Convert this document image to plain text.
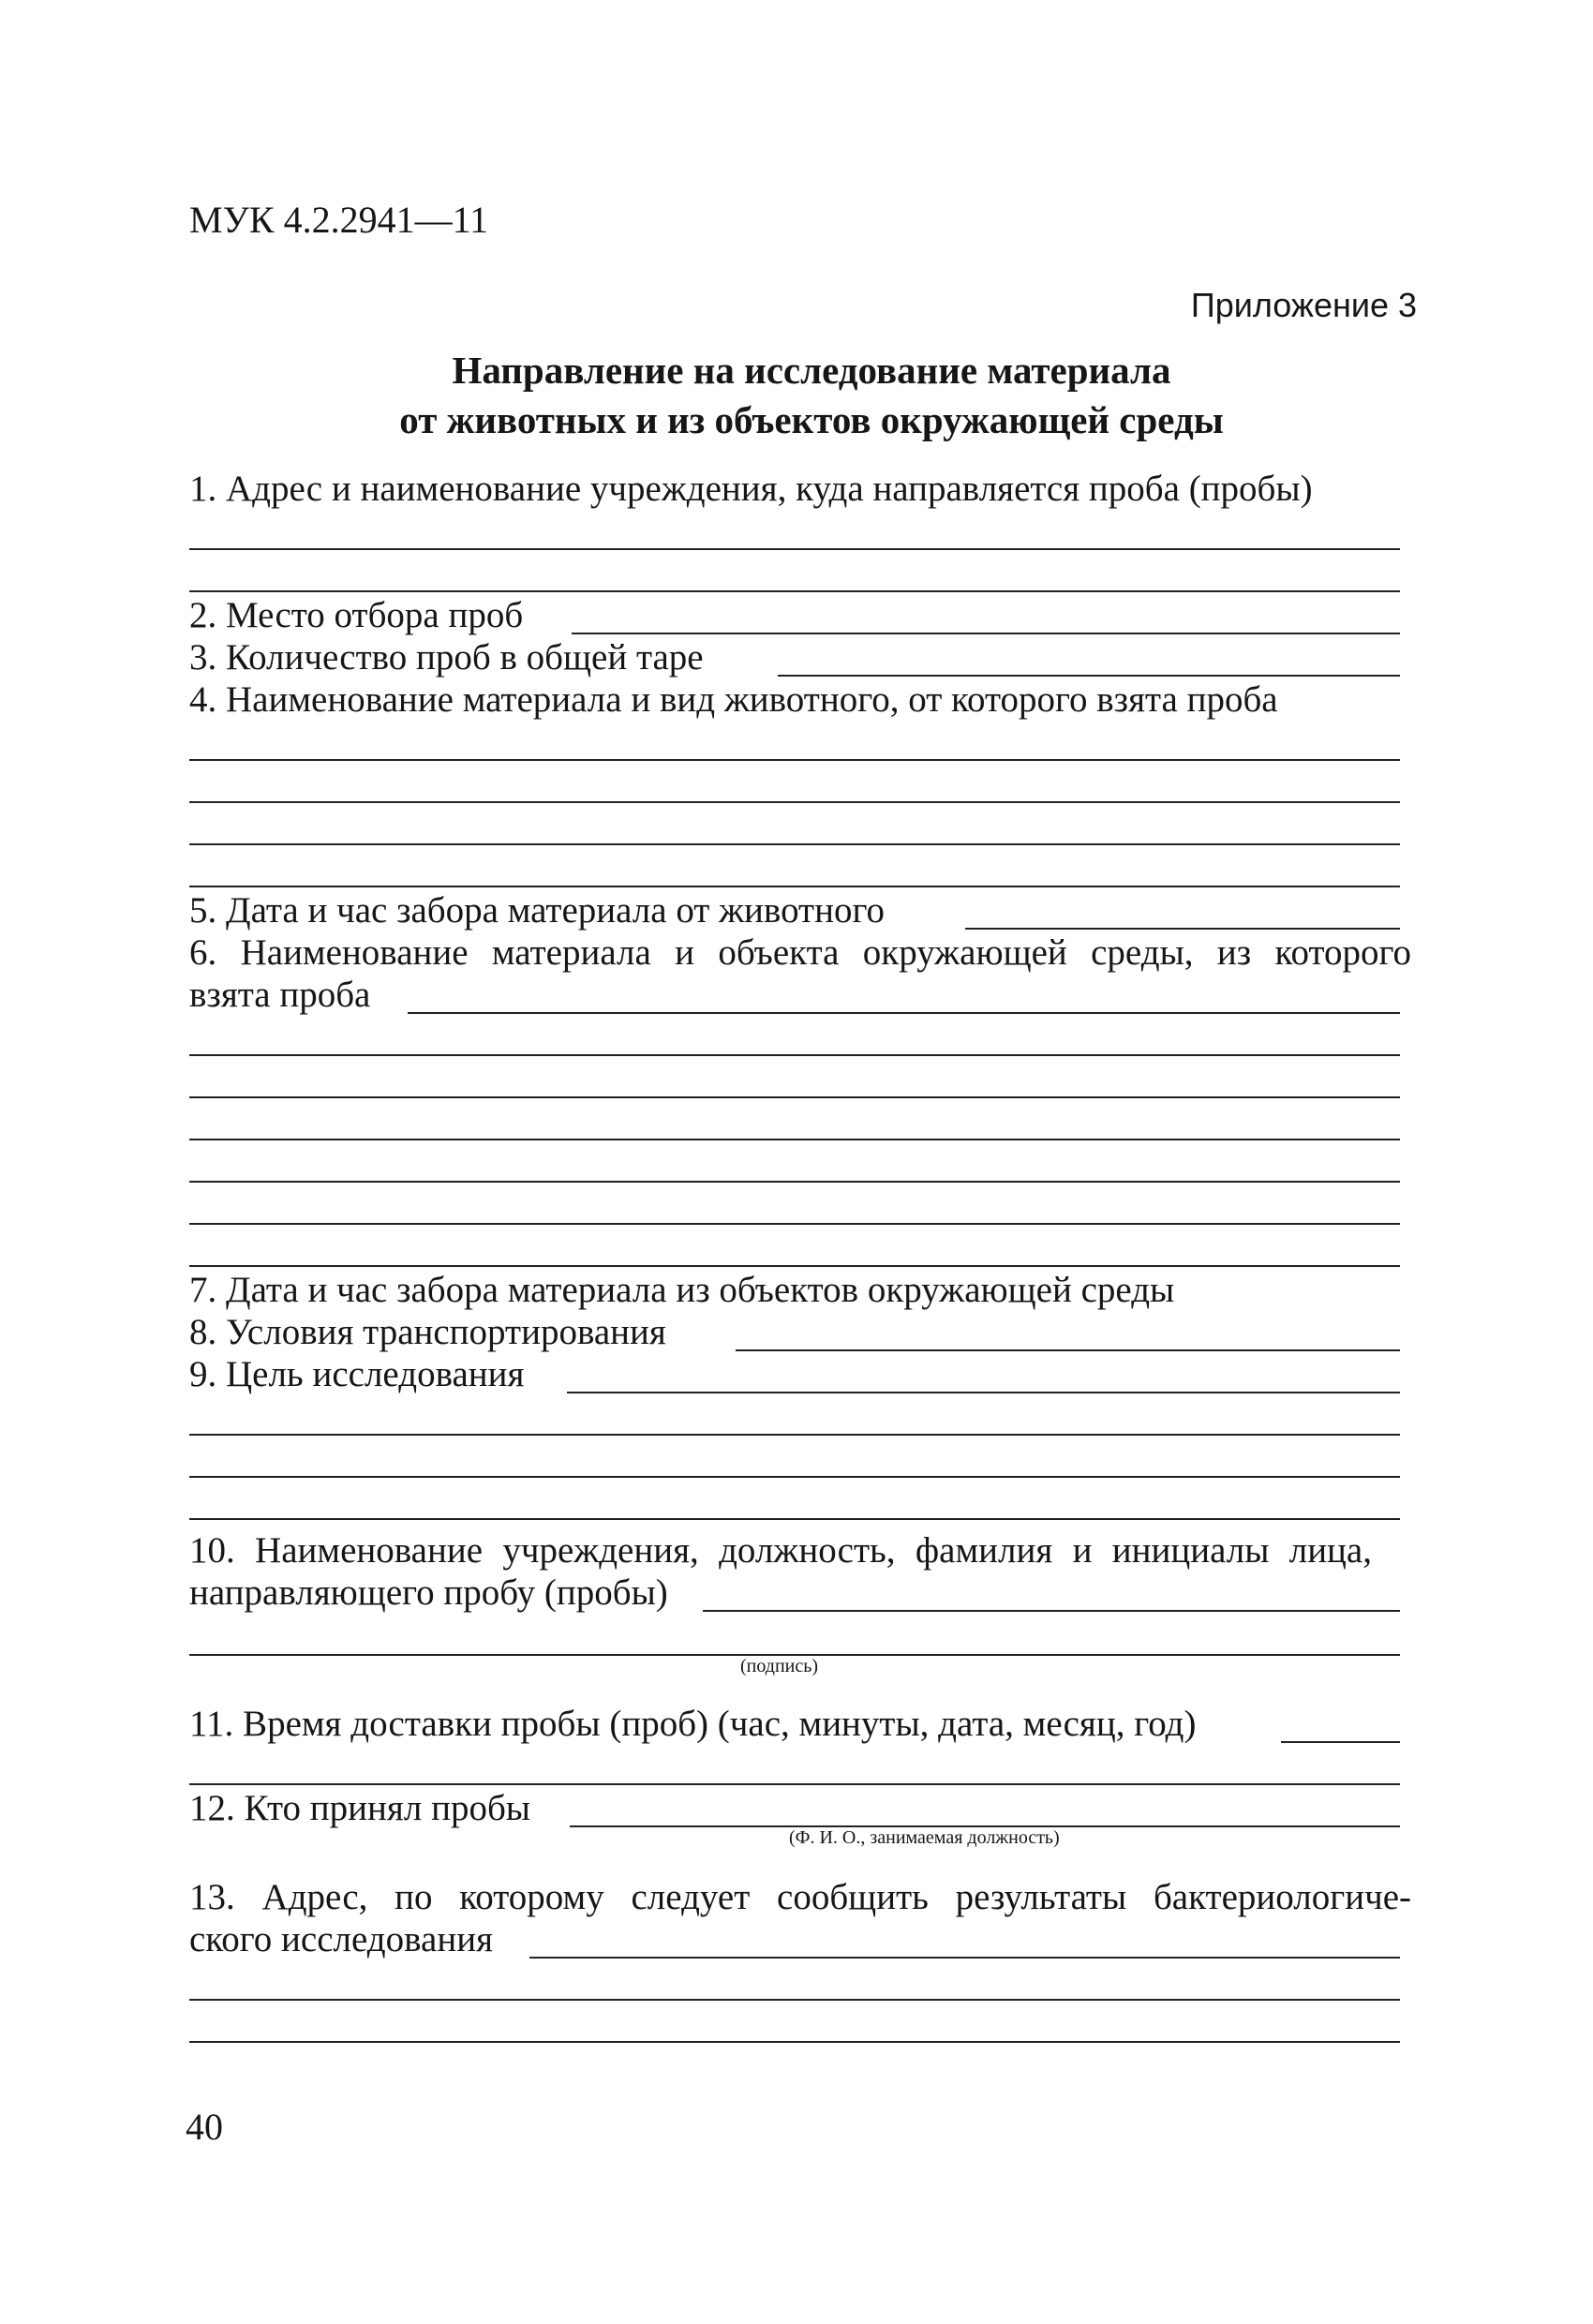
МУК 4.2.2941—11
Приложение 3
Направление на исследование материала
от животных и из объектов окружающей среды
1. Адрес и наименование учреждения, куда направляется проба (пробы)
2. Место отбора проб
3. Количество проб в общей таре
4. Наименование материала и вид животного, от которого взята проба
5. Дата и час забора материала от животного
6. Наименование материала и объекта окружающей среды, из которого
взята проба
7. Дата и час забора материала из объектов окружающей среды
8. Условия транспортирования
9. Цель исследования
10. Наименование учреждения, должность, фамилия и инициалы лица,
направляющего пробу (пробы)
(подпись)
11. Время доставки пробы (проб) (час, минуты, дата, месяц, год)
12. Кто принял пробы
(Ф. И. О., занимаемая должность)
13. Адрес, по которому следует сообщить результаты бактериологиче-
ского исследования
40
